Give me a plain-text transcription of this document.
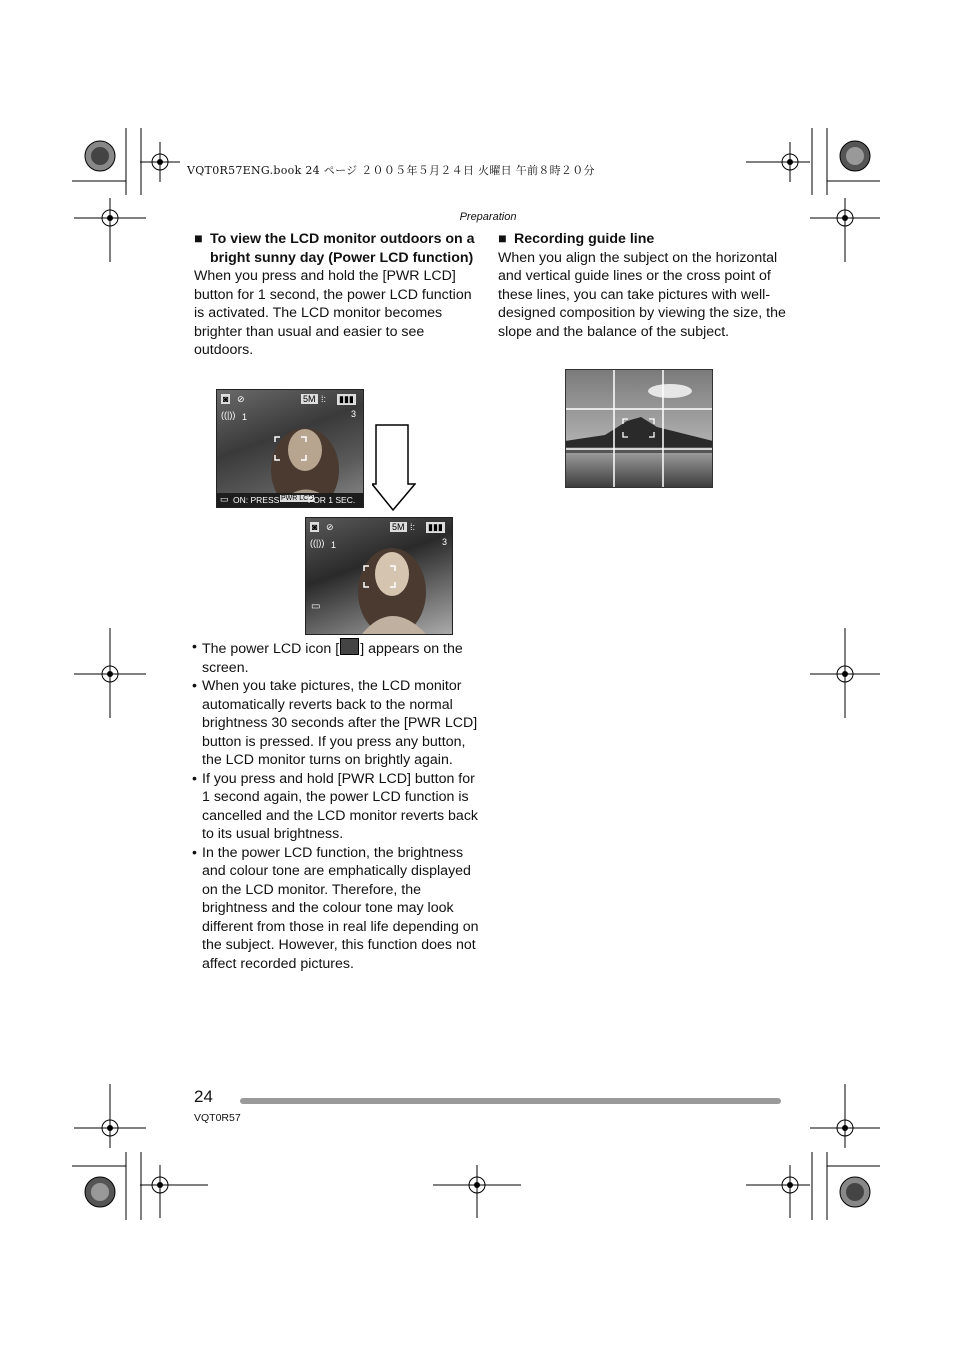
VQT0R57ENG.book 24 ページ ２００５年５月２４日 火曜日 午前８時２０分
Preparation
■ To view the LCD monitor outdoors on a bright sunny day (Power LCD function)

When you press and hold the [PWR LCD] button for 1 second, the power LCD function is activated. The LCD monitor becomes brighter than usual and easier to see outdoors.

◙ ⊘	5M ⁞: ▮▮▮
((|)) 1	3
▭ ON: PRESS PWR LCD
FOR 1 SEC.
◙ ⊘	5M ⁞: ▮▮▮
((|)) 1	3
▭
• The power LCD icon [ ] appears on the screen.
• When you take pictures, the LCD monitor automatically reverts back to the normal brightness 30 seconds after the [PWR LCD] button is pressed. If you press any button, the LCD monitor turns on brightly again.
• If you press and hold [PWR LCD] button for 1 second again, the power LCD function is cancelled and the LCD monitor reverts back to its usual brightness.
• In the power LCD function, the brightness and colour tone are emphatically displayed on the LCD monitor. Therefore, the brightness and the colour tone may look different from those in real life depending on the subject. However, this function does not affect recorded pictures.
■ Recording guide line

When you align the subject on the horizontal and vertical guide lines or the cross point of these lines, you can take pictures with well-designed composition by viewing the size, the slope and the balance of the subject.

24
VQT0R57
